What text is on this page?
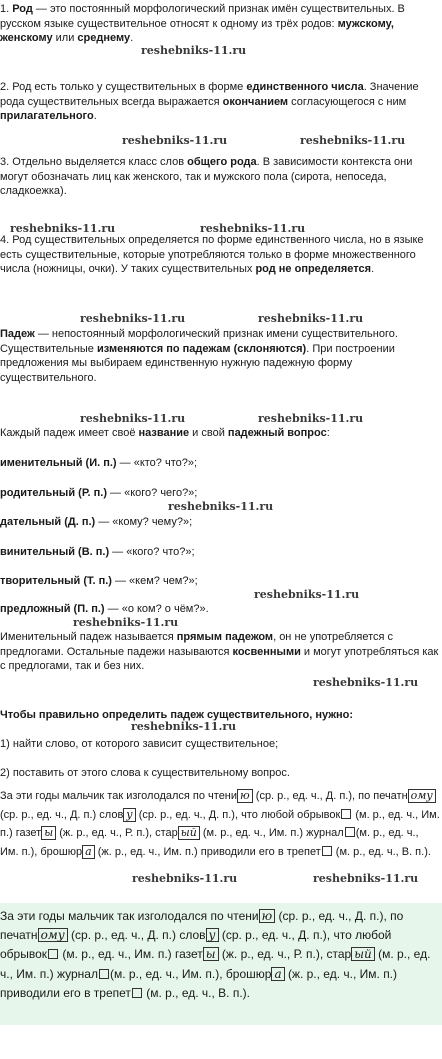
1. Род — это постоянный морфологический признак имён существительных. В русском языке существительное относят к одному из трёх родов: мужскому, женскому или среднему.

2. Род есть только у существительных в форме единственного числа. Значение рода существительных всегда выражается окончанием согласующегося с ним прилагательного.

3. Отдельно выделяется класс слов общего рода. В зависимости контекста они могут обозначать лиц как женского, так и мужского пола (сирота, непоседа, сладкоежка).

4. Род существительных определяется по форме единственного числа, но в языке есть существительные, которые употребляются только в форме множественного числа (ножницы, очки). У таких существительных род не определяется.

Падеж — непостоянный морфологический признак имени существительного. Существительные изменяются по падежам (склоняются). При построении предложения мы выбираем единственную нужную падежную форму существительного.

Каждый падеж имеет своё название и свой падежный вопрос:

именительный (И. п.) — «кто? что?»;

родительный (Р. п.) — «кого? чего?»;

дательный (Д. п.) — «кому? чему?»;

винительный (В. п.) — «кого? что?»;

творительный (Т. п.) — «кем? чем?»;

предложный (П. п.) — «о ком? о чём?».

Именительный падеж называется прямым падежом, он не употребляется с предлогами. Остальные падежи называются косвенными и могут употребляться как с предлогами, так и без них.

Чтобы правильно определить падеж существительного, нужно:

1) найти слово, от которого зависит существительное;

2) поставить от этого слова к существительному вопрос.

За эти годы мальчик так изголодался по чтени ю (ср. р., ед. ч., Д. п.), по печатн ому (ср. р., ед. ч., Д. п.) слов у (ср. р., ед. ч., Д. п.), что любой обрывок (м. р., ед. ч., Им. п.) газет ы (ж. р., ед. ч., Р. п.), стар ый (м. р., ед. ч., Им. п.) журнал (м. р., ед. ч., Им. п.), брошюр а (ж. р., ед. ч., Им. п.) приводили его в трепет (м. р., ед. ч., В. п.).

За эти годы мальчик так изголодался по чтени ю (ср. р., ед. ч., Д. п.), по печатн ому (ср. р., ед. ч., Д. п.) слов у (ср. р., ед. ч., Д. п.), что любой обрывок (м. р., ед. ч., Им. п.) газет ы (ж. р., ед. ч., Р. п.), стар ый (м. р., ед. ч., Им. п.) журнал (м. р., ед. ч., Им. п.), брошюр а (ж. р., ед. ч., Им. п.) приводили его в трепет (м. р., ед. ч., В. п.).

reshebniks-11.ru
reshebniks-11.ru	reshebniks-11.ru
reshebniks-11.ru	reshebniks-11.ru
reshebniks-11.ru	reshebniks-11.ru
reshebniks-11.ru	reshebniks-11.ru
reshebniks-11.ru
reshebniks-11.ru
reshebniks-11.ru
reshebniks-11.ru
reshebniks-11.ru
reshebniks-11.ru	reshebniks-11.ru
